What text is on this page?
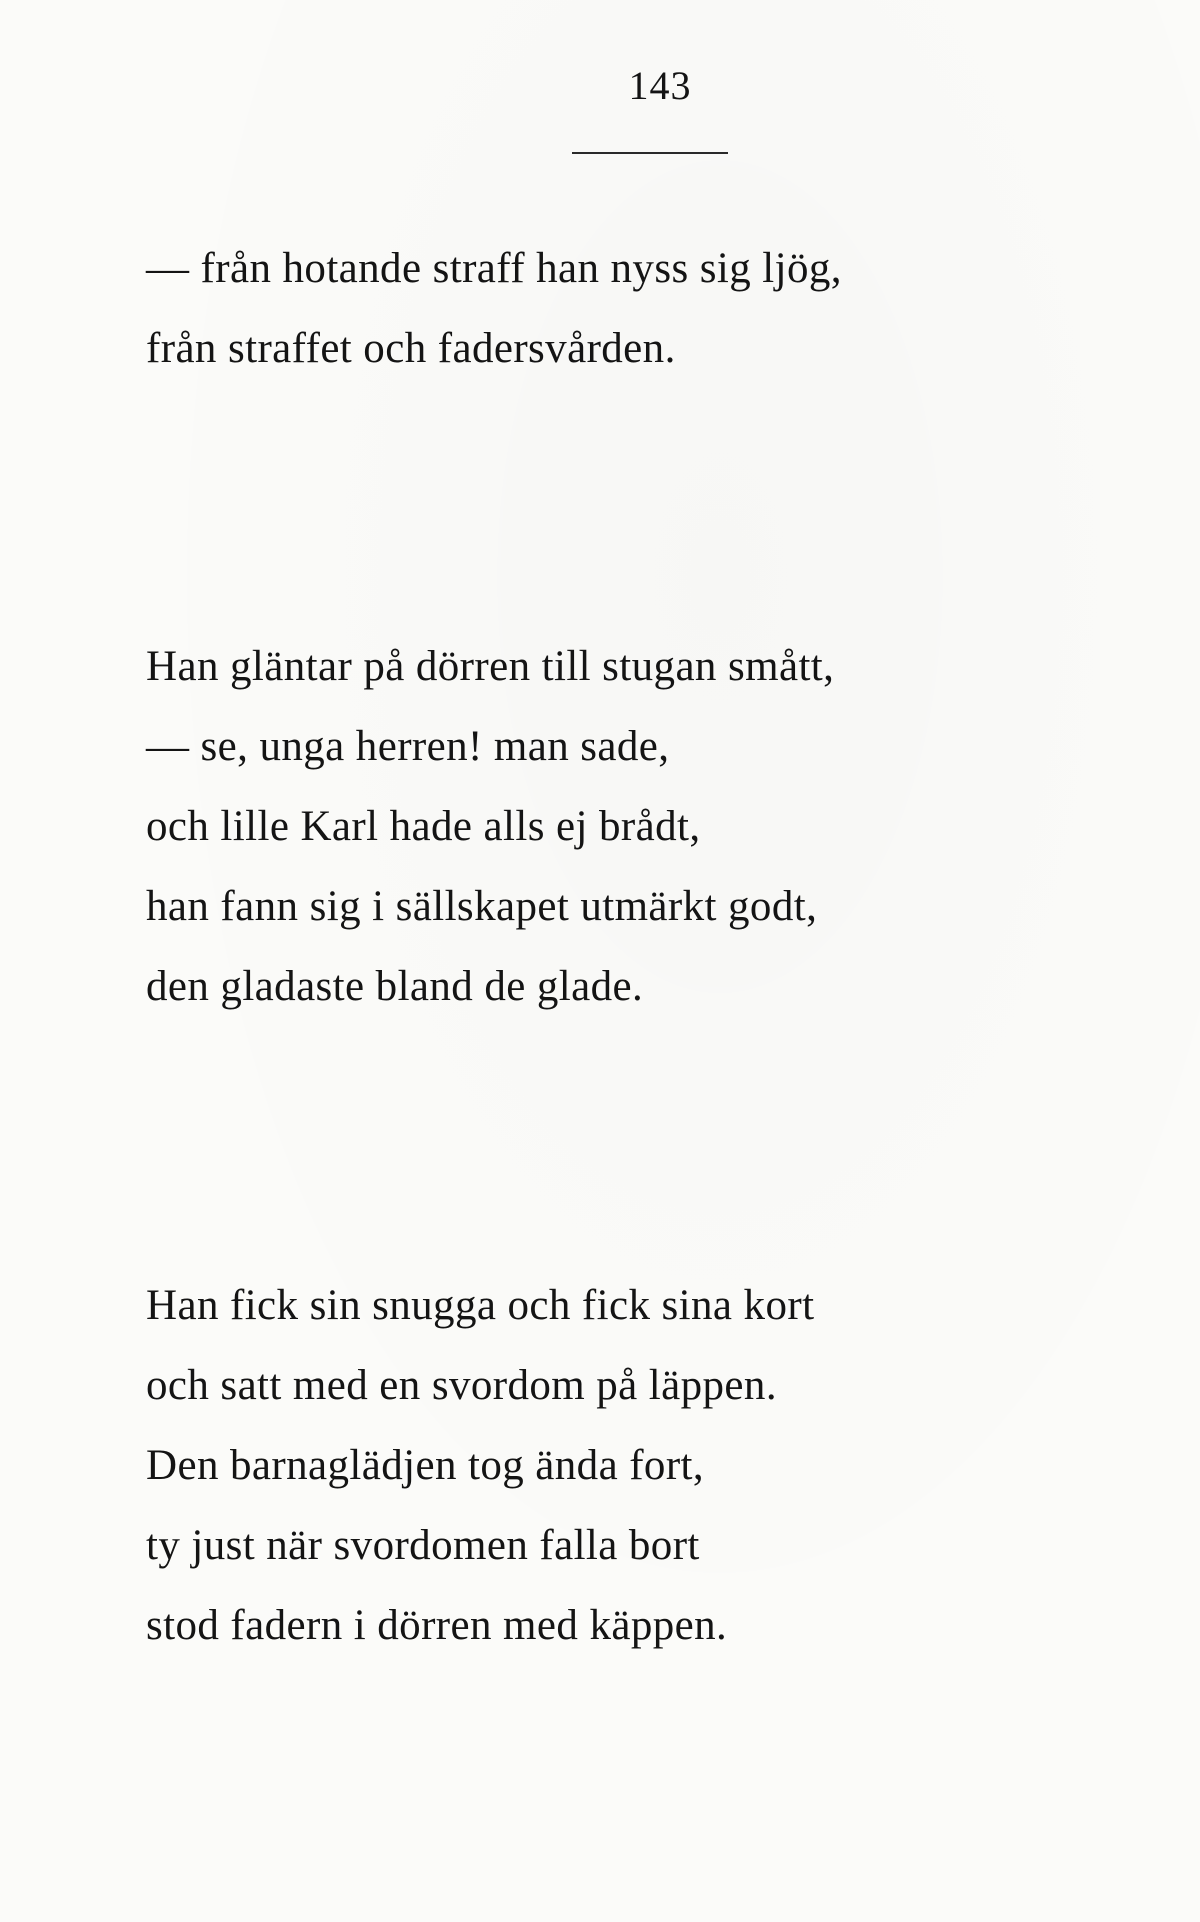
143
— från hotande straff han nyss sig ljög,
från straffet och fadersvården.
Han gläntar på dörren till stugan smått,
— se, unga herren! man sade,
och lille Karl hade alls ej brådt,
han fann sig i sällskapet utmärkt godt,
den gladaste bland de glade.
Han fick sin snugga och fick sina kort
och satt med en svordom på läppen.
Den barnaglädjen tog ända fort,
ty just när svordomen falla bort
stod fadern i dörren med käppen.
